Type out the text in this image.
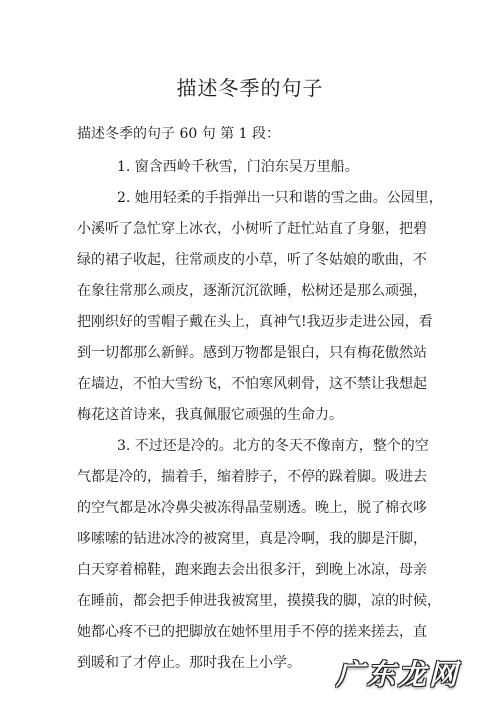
描述冬季的句子
描述冬季的句子 60 句 第 1 段：
1. 窗含西岭千秋雪，门泊东吴万里船。
2. 她用轻柔的手指弹出一只和谐的雪之曲。公园里，
小溪听了急忙穿上冰衣，小树听了赶忙站直了身躯，把碧
绿的裙子收起，往常顽皮的小草，听了冬姑娘的歌曲，不
在象往常那么顽皮，逐渐沉沉欲睡，松树还是那么顽强，
把刚织好的雪帽子戴在头上，真神气!我迈步走进公园，看
到一切都那么新鲜。感到万物都是银白，只有梅花傲然站
在墙边，不怕大雪纷飞，不怕寒风刺骨，这不禁让我想起
梅花这首诗来，我真佩服它顽强的生命力。
3. 不过还是冷的。北方的冬天不像南方，整个的空
气都是冷的，揣着手，缩着脖子，不停的跺着脚。吸进去
的空气都是冰冷鼻尖被冻得晶莹剔透。晚上，脱了棉衣哆
哆嗦嗦的钻进冰冷的被窝里，真是冷啊，我的脚是汗脚，
白天穿着棉鞋，跑来跑去会出很多汗，到晚上冰凉，母亲
在睡前，都会把手伸进我被窝里，摸摸我的脚，凉的时候，
她都心疼不已的把脚放在她怀里用手不停的搓来搓去，直
到暖和了才停止。那时我在上小学。	广东龙网
